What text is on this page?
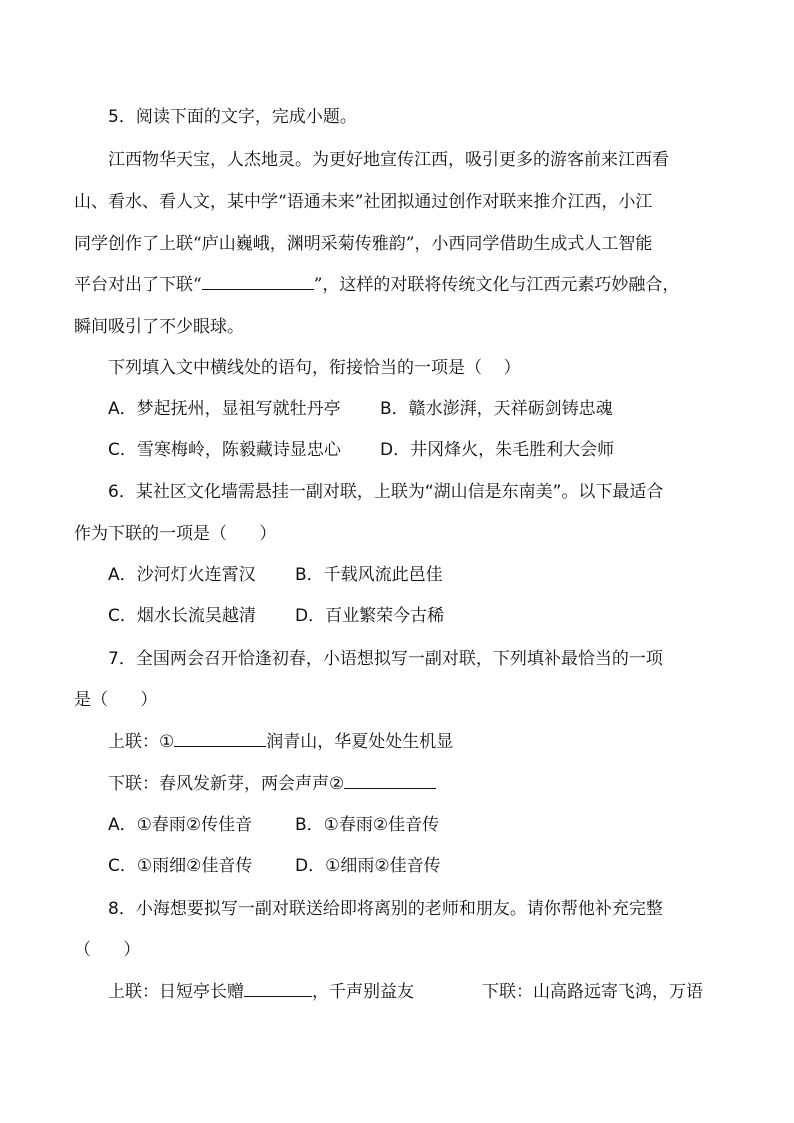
5．阅读下面的文字，完成小题。
江西物华天宝，人杰地灵。为更好地宣传江西，吸引更多的游客前来江西看
山、看水、看人文，某中学“语通未来”社团拟通过创作对联来推介江西，小江
同学创作了上联“庐山巍峨，渊明采菊传雅韵”，小西同学借助生成式人工智能
平台对出了下联“	”，这样的对联将传统文化与江西元素巧妙融合，
瞬间吸引了不少眼球。
下列填入文中横线处的语句，衔接恰当的一项是（    ）
A．梦起抚州，显祖写就牡丹亭 B．赣水澎湃，天祥砺剑铸忠魂
C．雪寒梅岭，陈毅藏诗显忠心 D．井冈烽火，朱毛胜利大会师
6．某社区文化墙需悬挂一副对联，上联为“湖山信是东南美”。以下最适合
作为下联的一项是（      ）
A．沙河灯火连霄汉 B．千载风流此邑佳
C．烟水长流吴越清 D．百业繁荣今古稀
7．全国两会召开恰逢初春，小语想拟写一副对联，下列填补最恰当的一项
是（      ）
上联：①	润青山，华夏处处生机显
下联：春风发新芽，两会声声②
A．①春雨②传佳音	B．①春雨②佳音传
C．①雨细②佳音传	D．①细雨②佳音传
8．小海想要拟写一副对联送给即将离别的老师和朋友。请你帮他补充完整
（      ）
上联：日短亭长赠	，千声别益友	下联：山高路远寄飞鸿，万语
